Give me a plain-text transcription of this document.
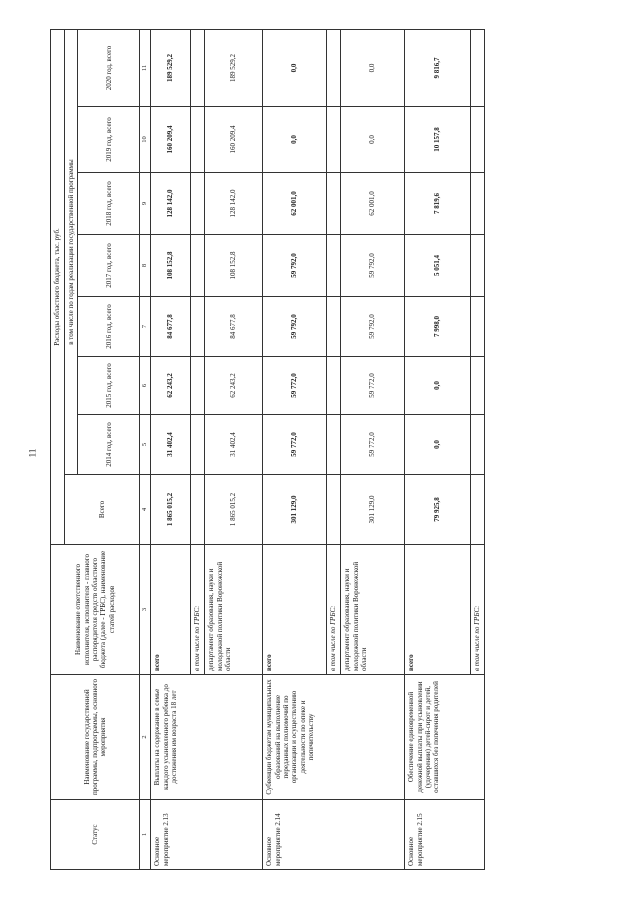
11
Статус	Наименование государственной программы, подпрограммы, основного мероприятия	Наименование ответственного исполнителя, исполнителя - главного распорядителя средств областного бюджета (далее - ГРБС), наименование статей расходов	Расходы областного бюджета, тыс. руб.							
			Всего	в том числе по годам реализации государственной программы						
				2014 год, всего	2015 год, всего	2016 год, всего	2017 год, всего	2018 год, всего	2019 год, всего	2020 год, всего
1	2	3	4	5	6	7	8	9	10	11
Основное мероприятие 2.13	Выплаты на содержание в семье каждого усыновленного ребенка до достижения им возраста 18 лет	всего	1 865 015,2	31 402,4	62 243,2	84 677,8	108 152,8	128 142,0	160 209,4	189 529,2
		в том числе по ГРБС:								
		департамент образования, науки и молодежной политики Воронежской области	1 865 015,2	31 402,4	62 243,2	84 677,8	108 152,8	128 142,0	160 209,4	189 529,2
Основное мероприятие 2.14	Субвенции бюджетам муниципальных образований на выполнение переданных полномочий по организации и осуществлению деятельности по опеке и попечительству	всего	301 129,0	59 772,0	59 772,0	59 792,0	59 792,0	62 001,0	0,0	0,0
		в том числе по ГРБС:								
		департамент образования, науки и молодежной политики Воронежской области	301 129,0	59 772,0	59 772,0	59 792,0	59 792,0	62 001,0	0,0	0,0
Основное мероприятие 2.15	Обеспечение единовременной денежной выплаты при усыновлении (удочерении) детей-сирот и детей, оставшихся без попечения родителей	всего	79 925,8	0,0	0,0	7 998,0	5 051,4	7 819,6	10 157,8	9 816,7
		в том числе по ГРБС:								
